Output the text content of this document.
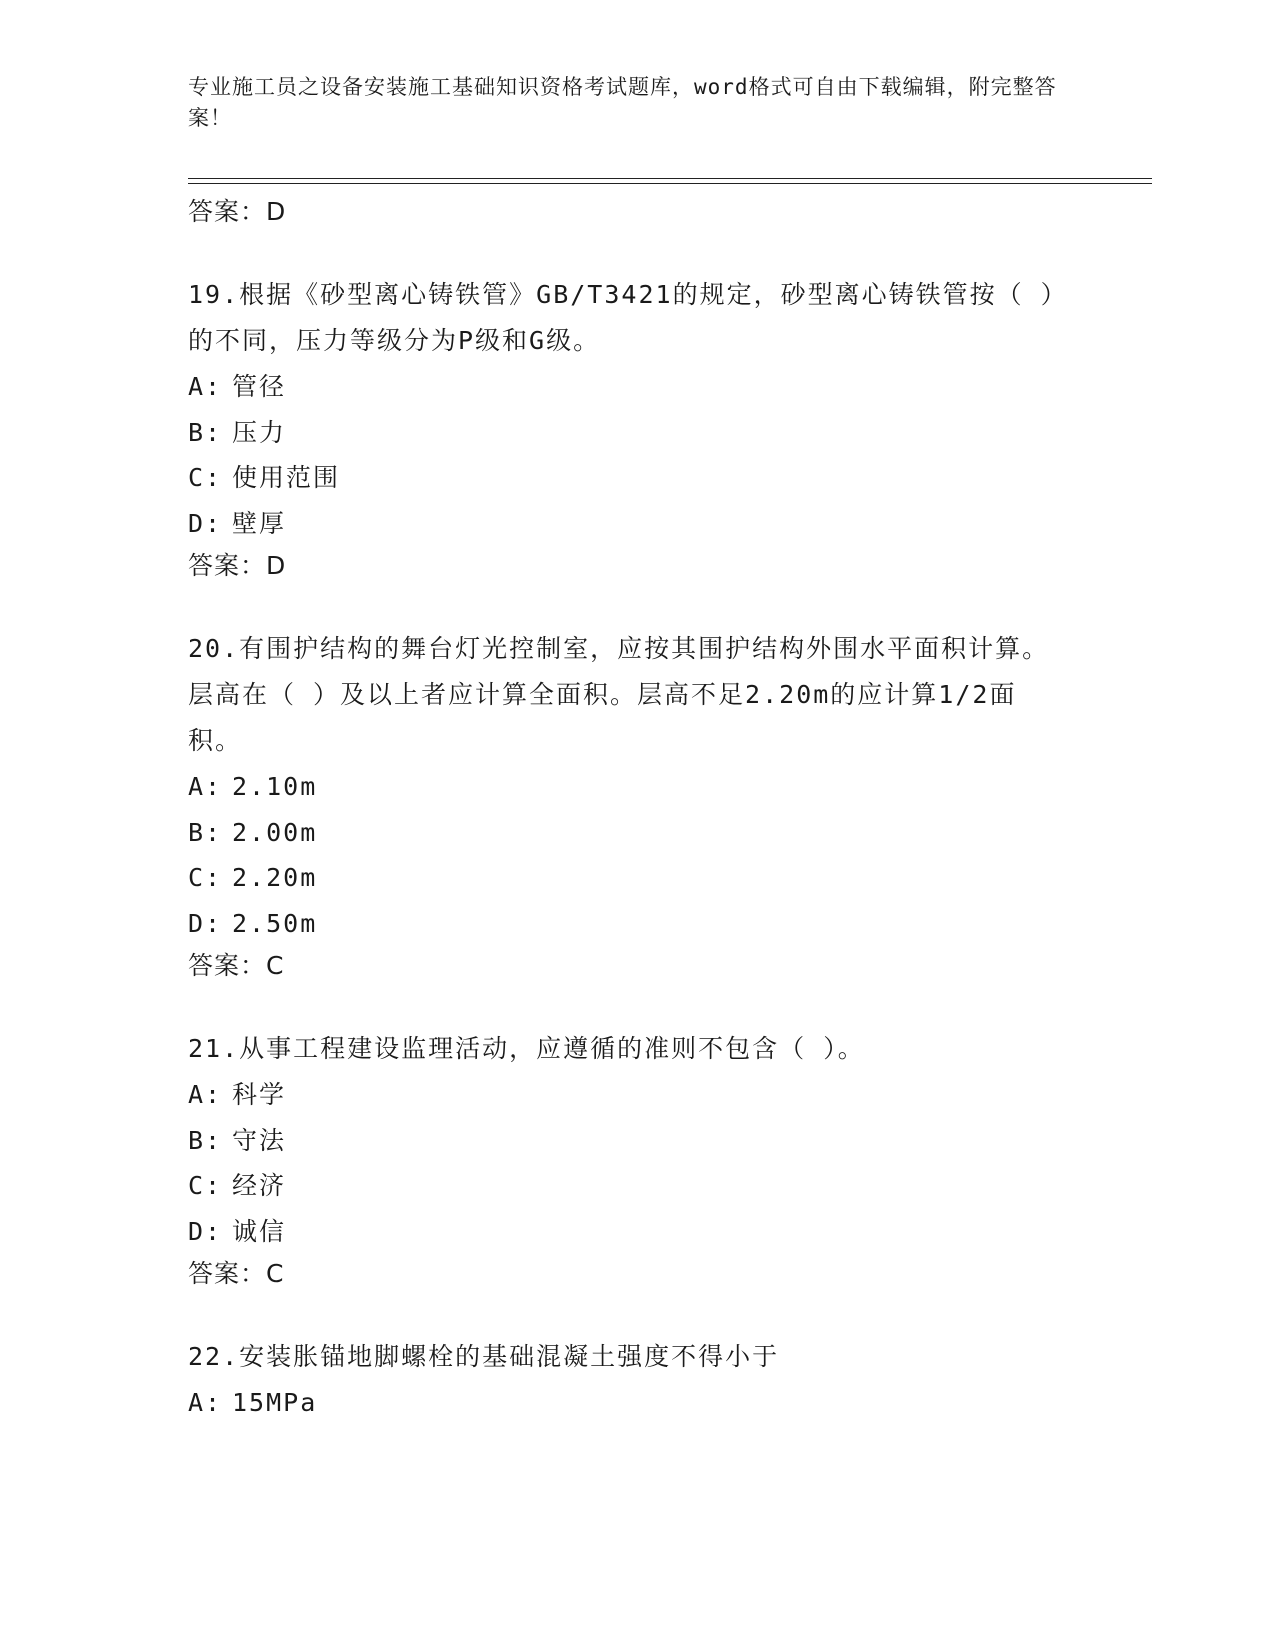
专业施工员之设备安装施工基础知识资格考试题库，word格式可自由下载编辑，附完整答案！
答案：D
19.根据《砂型离心铸铁管》GB/T3421的规定，砂型离心铸铁管按（ ）的不同，压力等级分为P级和G级。
A: 管径
B: 压力
C: 使用范围
D: 壁厚
答案：D
20.有围护结构的舞台灯光控制室，应按其围护结构外围水平面积计算。层高在（ ）及以上者应计算全面积。层高不足2.20m的应计算1/2面积。
A: 2.10m
B: 2.00m
C: 2.20m
D: 2.50m
答案：C
21.从事工程建设监理活动，应遵循的准则不包含（ ）。
A: 科学
B: 守法
C: 经济
D: 诚信
答案：C
22.安装胀锚地脚螺栓的基础混凝土强度不得小于
A: 15MPa
